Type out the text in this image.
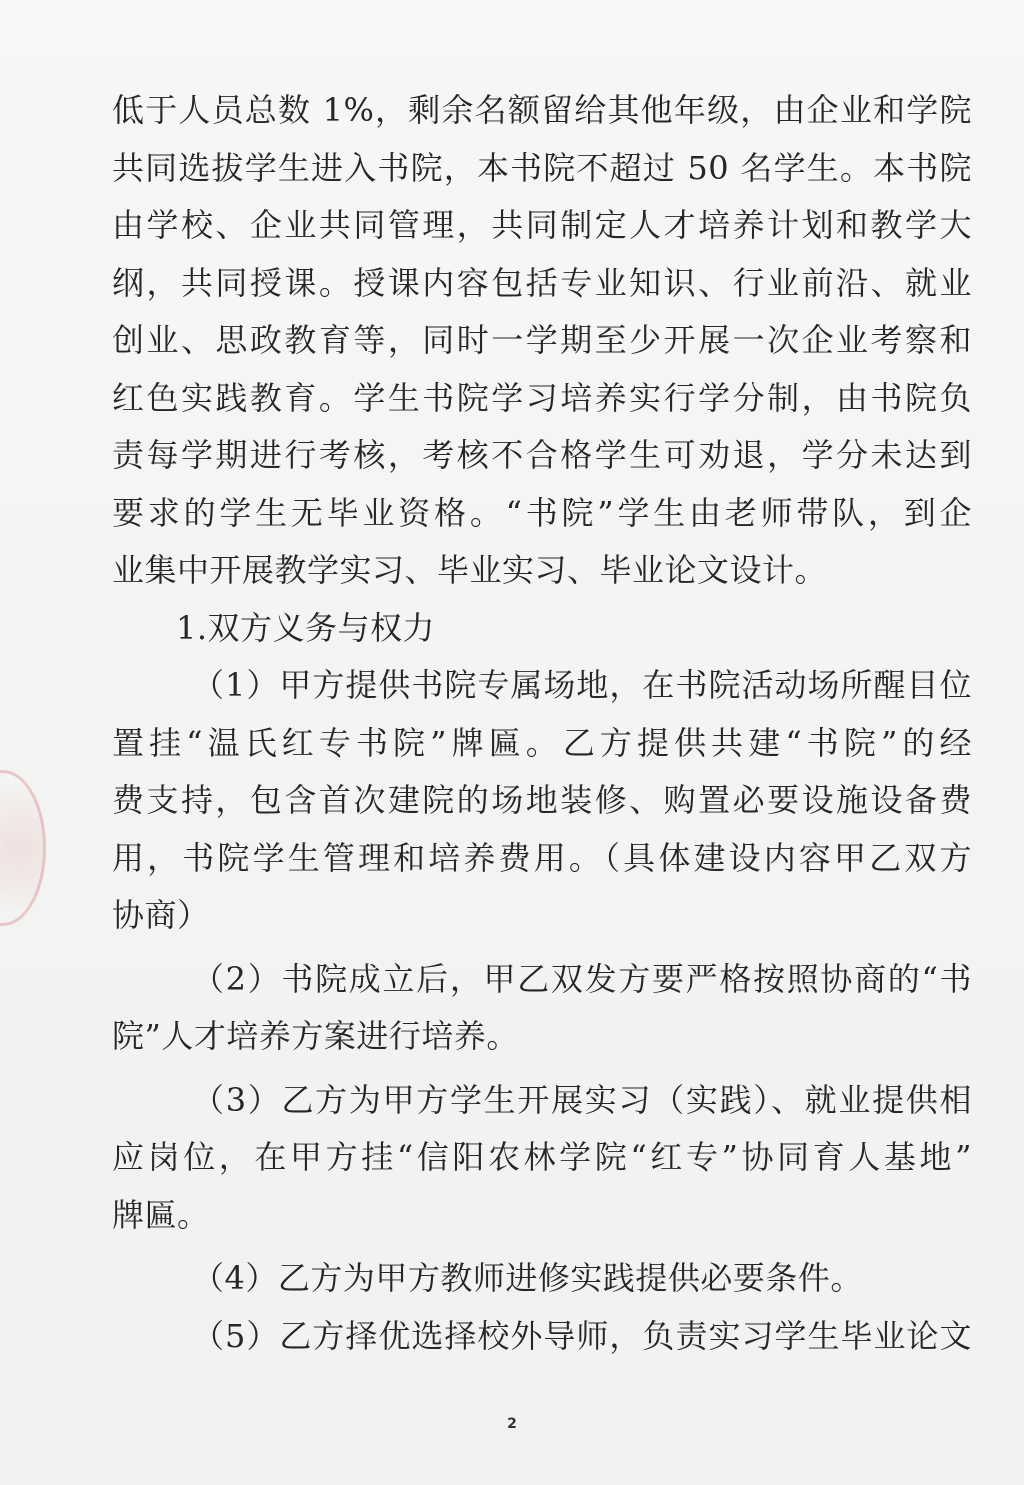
低于人员总数 1%，剩余名额留给其他年级，由企业和学院
共同选拔学生进入书院，本书院不超过 50 名学生。本书院
由学校、企业共同管理，共同制定人才培养计划和教学大
纲，共同授课。授课内容包括专业知识、行业前沿、就业
创业、思政教育等，同时一学期至少开展一次企业考察和
红色实践教育。学生书院学习培养实行学分制，由书院负
责每学期进行考核，考核不合格学生可劝退，学分未达到
要求的学生无毕业资格。“书院”学生由老师带队，到企
业集中开展教学实习、毕业实习、毕业论文设计。
1.双方义务与权力
（1）甲方提供书院专属场地，在书院活动场所醒目位
置挂“温氏红专书院”牌匾。乙方提供共建“书院”的经
费支持，包含首次建院的场地装修、购置必要设施设备费
用，书院学生管理和培养费用。（具体建设内容甲乙双方
协商）
（2）书院成立后，甲乙双发方要严格按照协商的“书
院”人才培养方案进行培养。
（3）乙方为甲方学生开展实习（实践）、就业提供相
应岗位，在甲方挂“信阳农林学院“红专”协同育人基地”
牌匾。
（4）乙方为甲方教师进修实践提供必要条件。
（5）乙方择优选择校外导师，负责实习学生毕业论文
2
